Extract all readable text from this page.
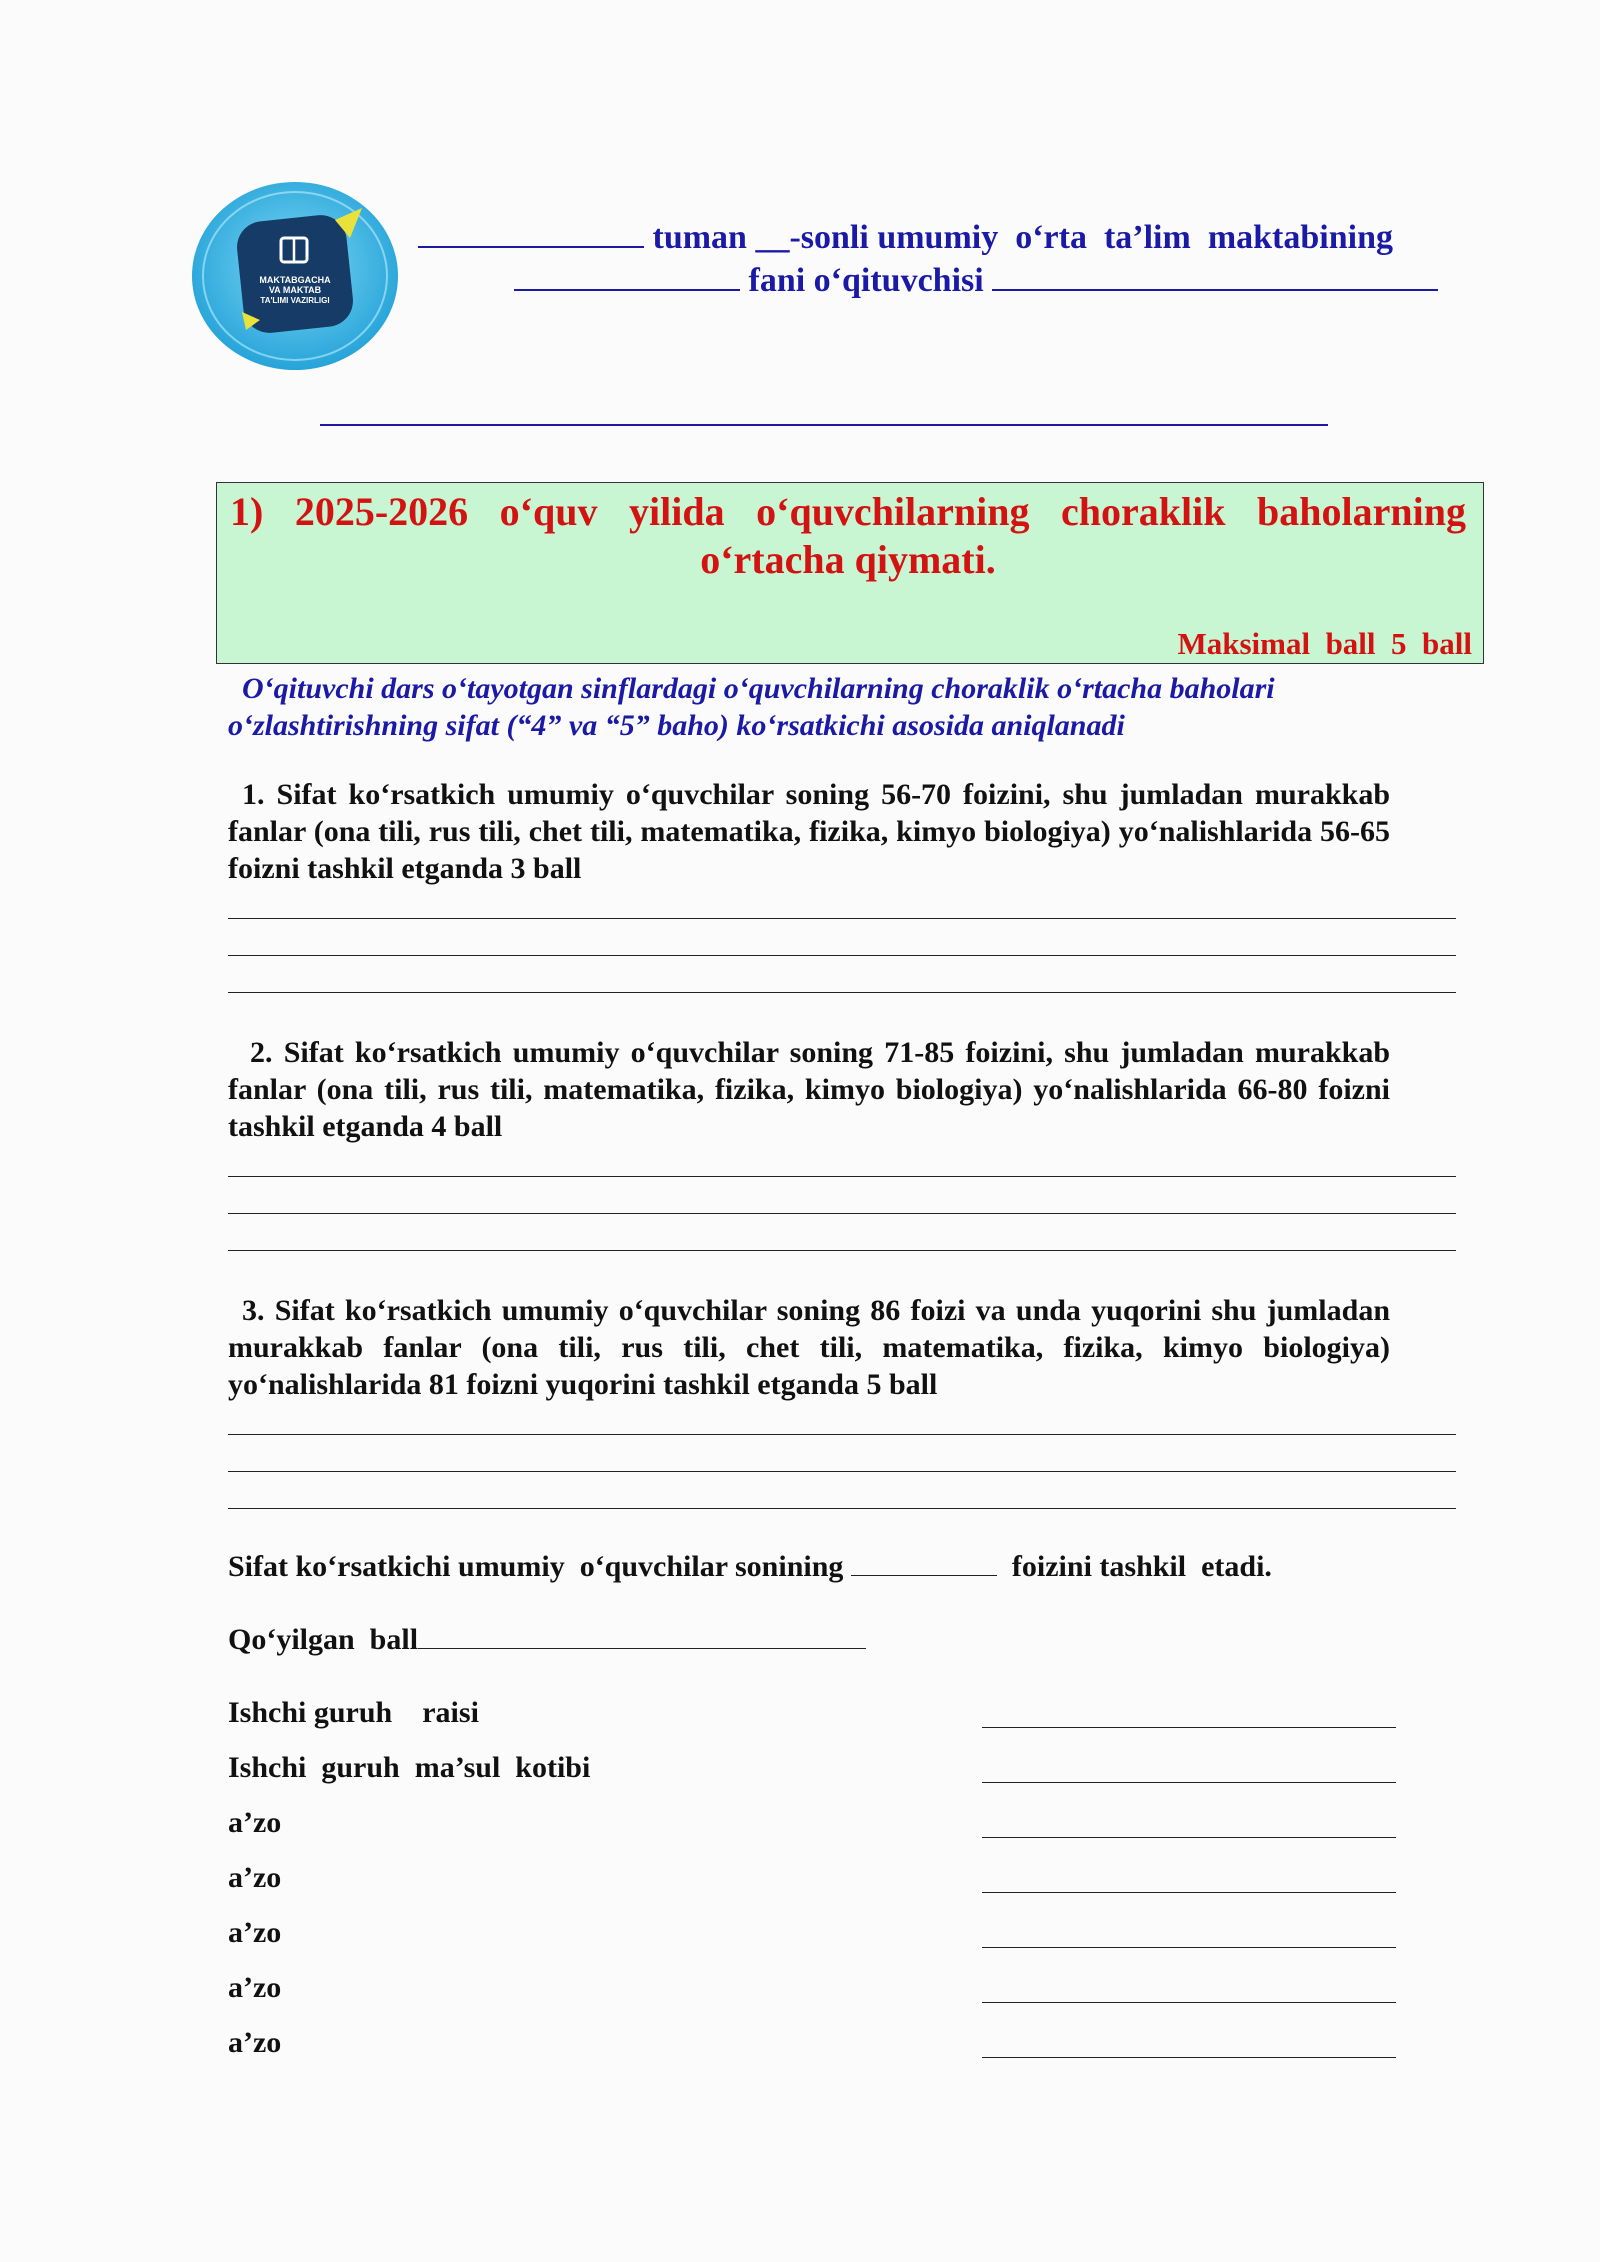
MAKTABGACHA
VA MAKTAB
TA'LIMI VAZIRLIGI
tuman __-sonli umumiy  o‘rta  ta’lim  maktabining
fani o‘qituvchisi
1) 2025-2026 o‘quv yilida o‘quvchilarning choraklik baholarning o‘rtacha qiymati.
Maksimal  ball  5  ball
O‘qituvchi dars o‘tayotgan sinflardagi o‘quvchilarning choraklik o‘rtacha baholari o‘zlashtirishning sifat (“4” va “5” baho) ko‘rsatkichi asosida aniqlanadi
1. Sifat ko‘rsatkich umumiy o‘quvchilar soning 56-70 foizini, shu jumladan murakkab fanlar (ona tili, rus tili, chet tili, matematika, fizika, kimyo biologiya) yo‘nalishlarida 56-65 foizni tashkil etganda 3 ball
2. Sifat ko‘rsatkich umumiy o‘quvchilar soning 71-85 foizini, shu jumladan murakkab fanlar (ona tili, rus tili, matematika, fizika, kimyo biologiya) yo‘nalishlarida 66-80 foizni tashkil etganda 4 ball
3. Sifat ko‘rsatkich umumiy o‘quvchilar soning 86 foizi va unda yuqorini shu jumladan murakkab fanlar (ona tili, rus tili, chet tili, matematika, fizika, kimyo biologiya) yo‘nalishlarida 81 foizni yuqorini tashkil etganda 5 ball
Sifat ko‘rsatkichi umumiy  o‘quvchilar sonining	foizini tashkil  etadi.
Qo‘yilgan  ball
Ishchi guruh    raisi
Ishchi  guruh  ma’sul  kotibi
a’zo
a’zo
a’zo
a’zo
a’zo
